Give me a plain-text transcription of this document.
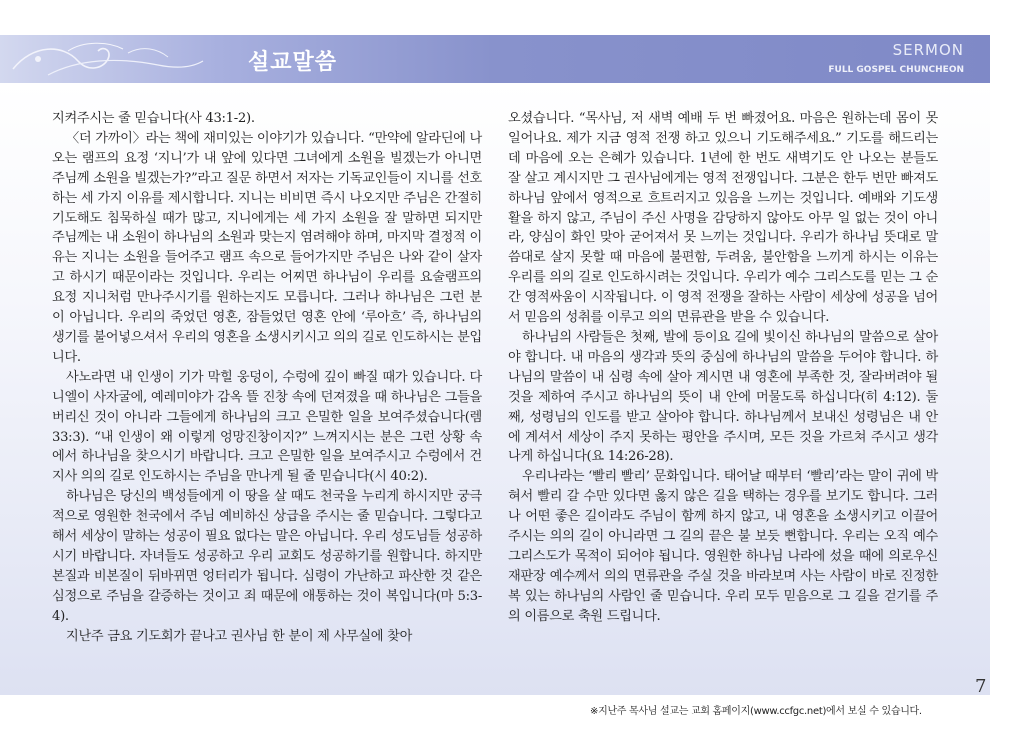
설교말씀	SERMON
FULL GOSPEL CHUNCHEON

지켜주시는 줄 믿습니다(사 43:1-2).

〈더 가까이〉라는 책에 재미있는 이야기가 있습니다. “만약에 알라딘에 나오는 램프의 요정 ‘지니’가 내 앞에 있다면 그녀에게 소원을 빌겠는가 아니면 주님께 소원을 빌겠는가?”라고 질문 하면서 저자는 기독교인들이 지니를 선호하는 세 가지 이유를 제시합니다. 지니는 비비면 즉시 나오지만 주님은 간절히 기도해도 침묵하실 때가 많고, 지니에게는 세 가지 소원을 잘 말하면 되지만 주님께는 내 소원이 하나님의 소원과 맞는지 염려해야 하며, 마지막 결정적 이유는 지니는 소원을 들어주고 램프 속으로 들어가지만 주님은 나와 같이 살자고 하시기 때문이라는 것입니다. 우리는 어찌면 하나님이 우리를 요술램프의 요정 지니처럼 만나주시기를 원하는지도 모릅니다. 그러나 하나님은 그런 분이 아닙니다. 우리의 죽었던 영혼, 잠들었던 영혼 안에 ‘루아흐’ 즉, 하나님의 생기를 불어넣으셔서 우리의 영혼을 소생시키시고 의의 길로 인도하시는 분입니다.

사노라면 내 인생이 기가 막힐 웅덩이, 수렁에 깊이 빠질 때가 있습니다. 다니엘이 사자굴에, 예레미야가 감옥 뜰 진창 속에 던져졌을 때 하나님은 그들을 버리신 것이 아니라 그들에게 하나님의 크고 은밀한 일을 보여주셨습니다(렘 33:3). “내 인생이 왜 이렇게 엉망진창이지?” 느껴지시는 분은 그런 상황 속에서 하나님을 찾으시기 바랍니다. 크고 은밀한 일을 보여주시고 수렁에서 건지사 의의 길로 인도하시는 주님을 만나게 될 줄 믿습니다(시 40:2).

하나님은 당신의 백성들에게 이 땅을 살 때도 천국을 누리게 하시지만 궁극적으로 영원한 천국에서 주님 예비하신 상급을 주시는 줄 믿습니다. 그렇다고 해서 세상이 말하는 성공이 필요 없다는 말은 아닙니다. 우리 성도님들 성공하시기 바랍니다. 자녀들도 성공하고 우리 교회도 성공하기를 원합니다. 하지만 본질과 비본질이 뒤바뀌면 엉터리가 됩니다. 심령이 가난하고 파산한 것 같은 심정으로 주님을 갈증하는 것이고 죄 때문에 애통하는 것이 복입니다(마 5:3-4).

지난주 금요 기도회가 끝나고 권사님 한 분이 제 사무실에 찾아

오셨습니다. “목사님, 저 새벽 예배 두 번 빠졌어요. 마음은 원하는데 몸이 못 일어나요. 제가 지금 영적 전쟁 하고 있으니 기도해주세요.” 기도를 해드리는데 마음에 오는 은혜가 있습니다. 1년에 한 번도 새벽기도 안 나오는 분들도 잘 살고 계시지만 그 권사님에게는 영적 전쟁입니다. 그분은 한두 번만 빠져도 하나님 앞에서 영적으로 흐트러지고 있음을 느끼는 것입니다. 예배와 기도생활을 하지 않고, 주님이 주신 사명을 감당하지 않아도 아무 일 없는 것이 아니라, 양심이 화인 맞아 굳어져서 못 느끼는 것입니다. 우리가 하나님 뜻대로 말씀대로 살지 못할 때 마음에 불편함, 두려움, 불안함을 느끼게 하시는 이유는 우리를 의의 길로 인도하시려는 것입니다. 우리가 예수 그리스도를 믿는 그 순간 영적싸움이 시작됩니다. 이 영적 전쟁을 잘하는 사람이 세상에 성공을 넘어서 믿음의 성취를 이루고 의의 면류관을 받을 수 있습니다.

하나님의 사람들은 첫째, 발에 등이요 길에 빛이신 하나님의 말씀으로 살아야 합니다. 내 마음의 생각과 뜻의 중심에 하나님의 말씀을 두어야 합니다. 하나님의 말씀이 내 심령 속에 살아 계시면 내 영혼에 부족한 것, 잘라버려야 될 것을 제하여 주시고 하나님의 뜻이 내 안에 머물도록 하십니다(히 4:12). 둘째, 성령님의 인도를 받고 살아야 합니다. 하나님께서 보내신 성령님은 내 안에 계셔서 세상이 주지 못하는 평안을 주시며, 모든 것을 가르쳐 주시고 생각나게 하십니다(요 14:26-28).

우리나라는 ‘빨리 빨리’ 문화입니다. 태어날 때부터 ‘빨리’라는 말이 귀에 박혀서 빨리 갈 수만 있다면 옳지 않은 길을 택하는 경우를 보기도 합니다. 그러나 어떤 좋은 길이라도 주님이 함께 하지 않고, 내 영혼을 소생시키고 이끌어주시는 의의 길이 아니라면 그 길의 끝은 불 보듯 뻔합니다. 우리는 오직 예수 그리스도가 목적이 되어야 됩니다. 영원한 하나님 나라에 섰을 때에 의로우신 재판장 예수께서 의의 면류관을 주실 것을 바라보며 사는 사람이 바로 진정한 복 있는 하나님의 사람인 줄 믿습니다. 우리 모두 믿음으로 그 길을 걷기를 주의 이름으로 축원 드립니다.

7
※지난주 목사님 설교는 교회 홈페이지(www.ccfgc.net)에서 보실 수 있습니다.
